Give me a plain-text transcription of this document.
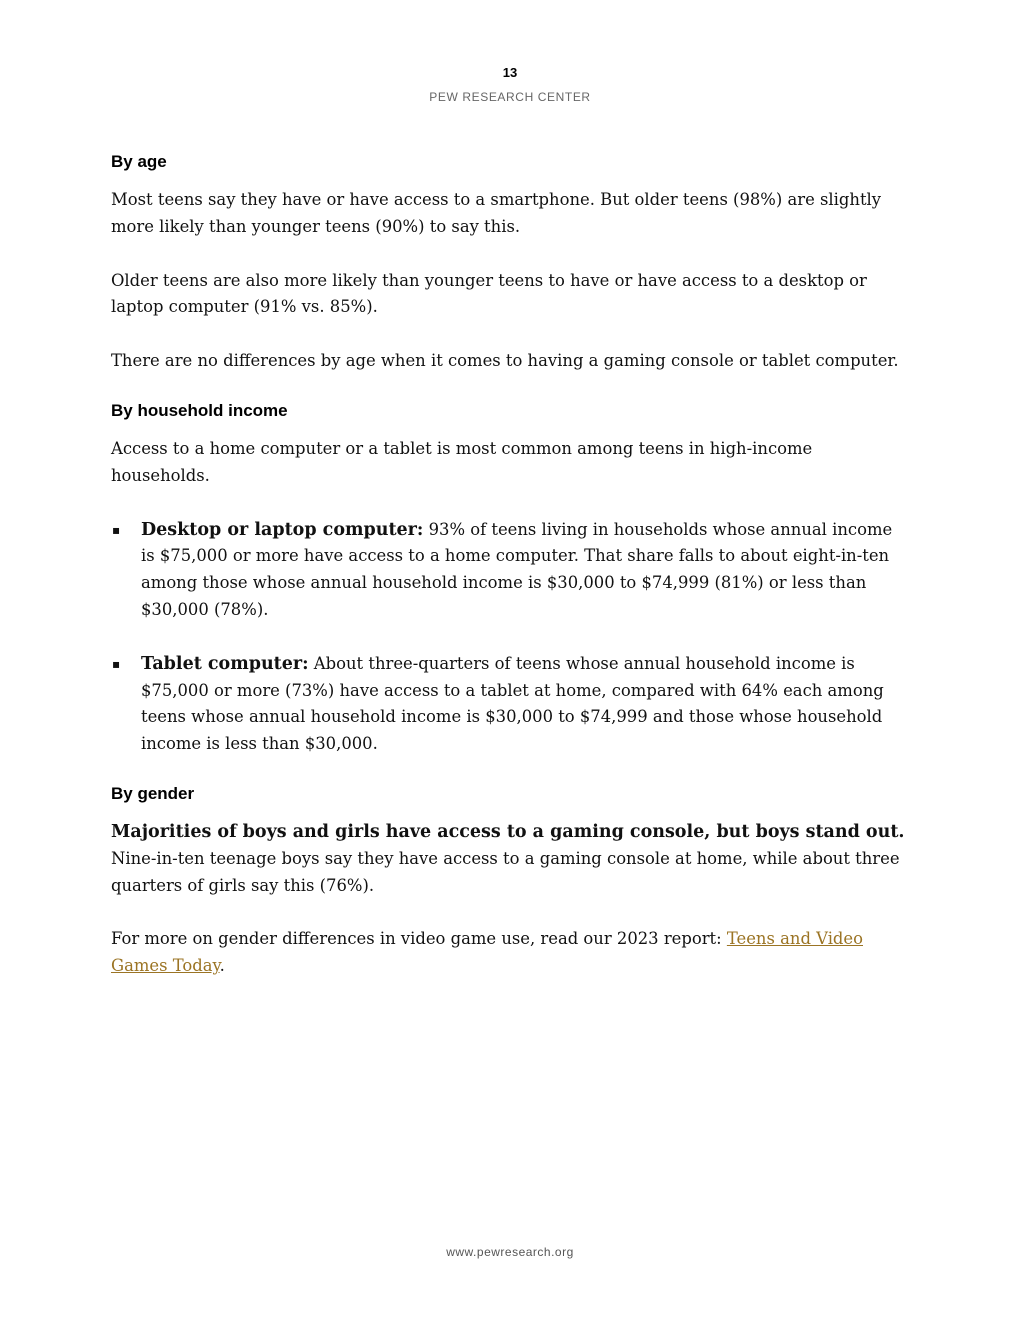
13
PEW RESEARCH CENTER
By age

Most teens say they have or have access to a smartphone. But older teens (98%) are slightly more likely than younger teens (90%) to say this.

Older teens are also more likely than younger teens to have or have access to a desktop or laptop computer (91% vs. 85%).

There are no differences by age when it comes to having a gaming console or tablet computer.

By household income

Access to a home computer or a tablet is most common among teens in high-income households.

▪ Desktop or laptop computer: 93% of teens living in households whose annual income is $75,000 or more have access to a home computer. That share falls to about eight-in-ten among those whose annual household income is $30,000 to $74,999 (81%) or less than $30,000 (78%).
▪ Tablet computer: About three-quarters of teens whose annual household income is $75,000 or more (73%) have access to a tablet at home, compared with 64% each among teens whose annual household income is $30,000 to $74,999 and those whose household income is less than $30,000.
By gender

Majorities of boys and girls have access to a gaming console, but boys stand out. Nine-in-ten teenage boys say they have access to a gaming console at home, while about three quarters of girls say this (76%).

For more on gender differences in video game use, read our 2023 report: Teens and Video Games Today.

www.pewresearch.org
